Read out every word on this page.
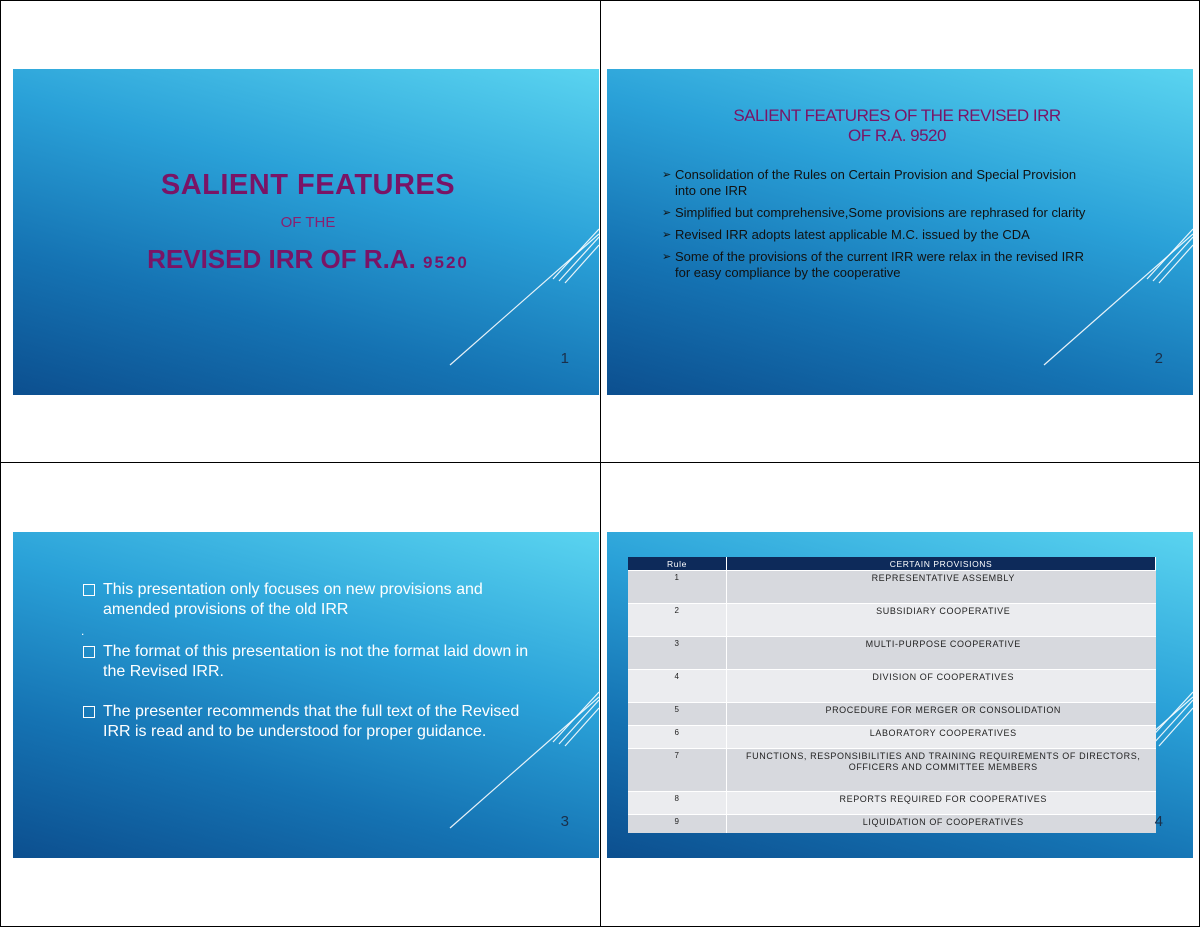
SALIENT FEATURES
OF THE
REVISED IRR OF R.A. 9520
1
SALIENT FEATURES OF THE REVISED IRR
OF R.A. 9520
➢ Consolidation of the Rules on Certain Provision and Special Provision into one IRR
➢ Simplified but comprehensive,Some provisions are rephrased for clarity
➢ Revised IRR adopts latest applicable M.C. issued by the CDA
➢ Some of the provisions of the current IRR were relax in the revised IRR for easy compliance by the cooperative
2
This presentation only focuses on new provisions and amended provisions of the old IRR
.
The format of this presentation is not the format laid down in the Revised IRR.
The presenter recommends that the full text of the Revised IRR is read and to be understood for proper guidance.
3
Rule	CERTAIN PROVISIONS
1	REPRESENTATIVE ASSEMBLY
2	SUBSIDIARY COOPERATIVE
3	MULTI-PURPOSE COOPERATIVE
4	DIVISION OF COOPERATIVES
5	PROCEDURE FOR MERGER OR CONSOLIDATION
6	LABORATORY COOPERATIVES
7	FUNCTIONS, RESPONSIBILITIES AND TRAINING REQUIREMENTS OF DIRECTORS, OFFICERS AND COMMITTEE MEMBERS
8	REPORTS REQUIRED FOR COOPERATIVES
9	LIQUIDATION OF COOPERATIVES	4
